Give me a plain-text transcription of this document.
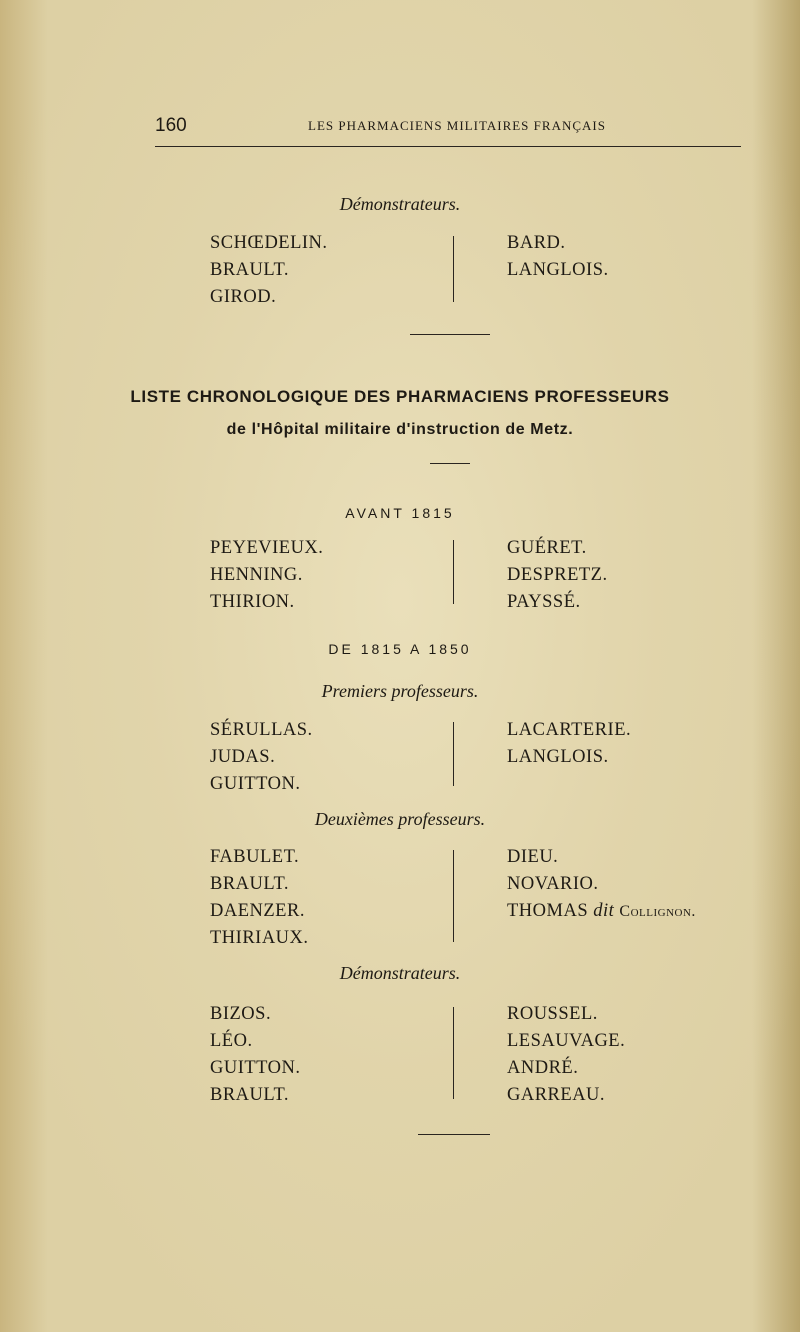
160	LES PHARMACIENS MILITAIRES FRANÇAIS
Démonstrateurs.
SCHŒDELIN.
BRAULT.
GIROD.
BARD.
LANGLOIS.
LISTE CHRONOLOGIQUE DES PHARMACIENS PROFESSEURS
de l'Hôpital militaire d'instruction de Metz.
AVANT 1815
PEYEVIEUX.
HENNING.
THIRION.
GUÉRET.
DESPRETZ.
PAYSSÉ.
DE 1815 A 1850
Premiers professeurs.
SÉRULLAS.
JUDAS.
GUITTON.
LACARTERIE.
LANGLOIS.
Deuxièmes professeurs.
FABULET.
BRAULT.
DAENZER.
THIRIAUX.
DIEU.
NOVARIO.
THOMAS dit Collignon.
Démonstrateurs.
BIZOS.
LÉO.
GUITTON.
BRAULT.
ROUSSEL.
LESAUVAGE.
ANDRÉ.
GARREAU.
